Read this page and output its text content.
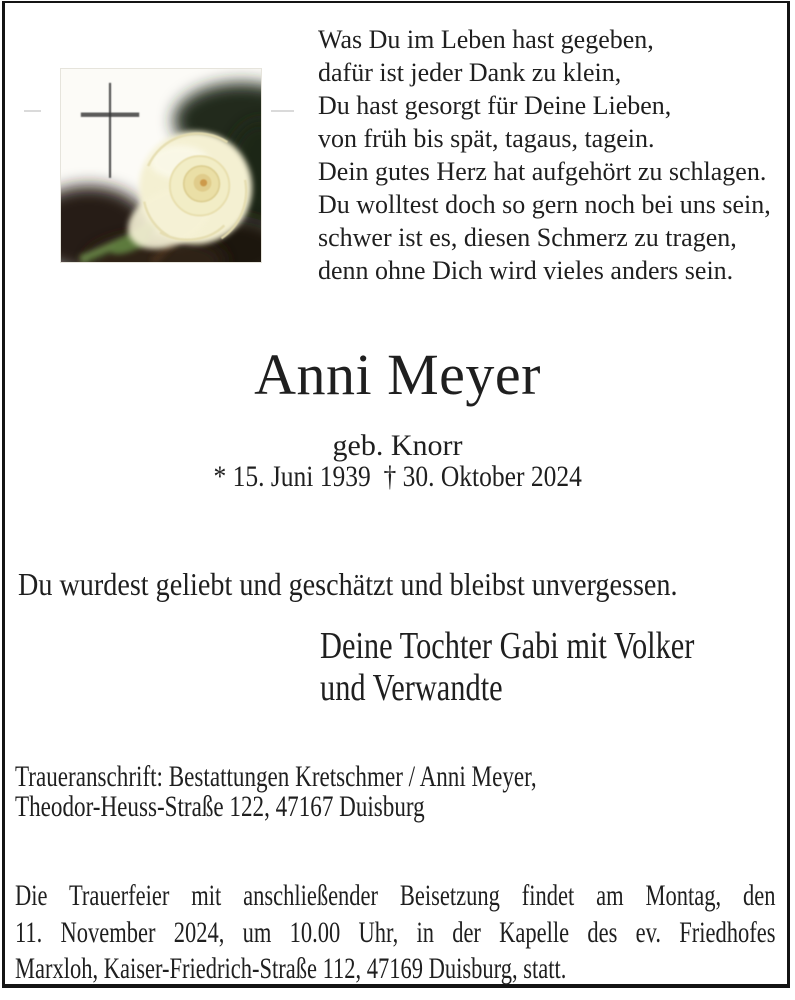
Was Du im Leben hast gegeben,
dafür ist jeder Dank zu klein,
Du hast gesorgt für Deine Lieben,
von früh bis spät, tagaus, tagein.
Dein gutes Herz hat aufgehört zu schlagen.
Du wolltest doch so gern noch bei uns sein,
schwer ist es, diesen Schmerz zu tragen,
denn ohne Dich wird vieles anders sein.
Anni Meyer
geb. Knorr
* 15. Juni 1939  † 30. Oktober 2024
Du wurdest geliebt und geschätzt und bleibst unvergessen.
Deine Tochter Gabi mit Volker
und Verwandte
Traueranschrift: Bestattungen Kretschmer / Anni Meyer,
Theodor-Heuss-Straße 122, 47167 Duisburg
Die Trauerfeier mit anschließender Beisetzung findet am Montag, den
11. November 2024, um 10.00 Uhr, in der Kapelle des ev. Friedhofes
Marxloh, Kaiser-Friedrich-Straße 112, 47169 Duisburg, statt.
